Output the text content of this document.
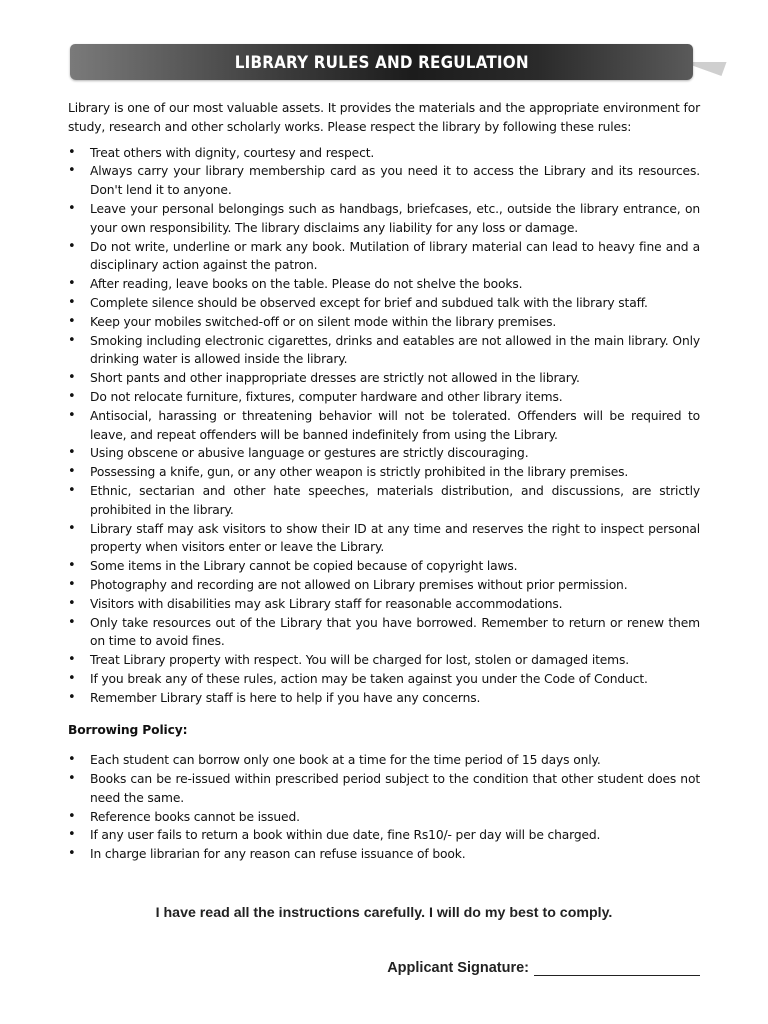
LIBRARY RULES AND REGULATION

Library is one of our most valuable assets. It provides the materials and the appropriate environment for study, research and other scholarly works. Please respect the library by following these rules:

• Treat others with dignity, courtesy and respect.
• Always carry your library membership card as you need it to access the Library and its resources. Don't lend it to anyone.
• Leave your personal belongings such as handbags, briefcases, etc., outside the library entrance, on your own responsibility. The library disclaims any liability for any loss or damage.
• Do not write, underline or mark any book. Mutilation of library material can lead to heavy fine and a disciplinary action against the patron.
• After reading, leave books on the table. Please do not shelve the books.
• Complete silence should be observed except for brief and subdued talk with the library staff.
• Keep your mobiles switched-off or on silent mode within the library premises.
• Smoking including electronic cigarettes, drinks and eatables are not allowed in the main library. Only drinking water is allowed inside the library.
• Short pants and other inappropriate dresses are strictly not allowed in the library.
• Do not relocate furniture, fixtures, computer hardware and other library items.
• Antisocial, harassing or threatening behavior will not be tolerated. Offenders will be required to leave, and repeat offenders will be banned indefinitely from using the Library.
• Using obscene or abusive language or gestures are strictly discouraging.
• Possessing a knife, gun, or any other weapon is strictly prohibited in the library premises.
• Ethnic, sectarian and other hate speeches, materials distribution, and discussions, are strictly prohibited in the library.
• Library staff may ask visitors to show their ID at any time and reserves the right to inspect personal property when visitors enter or leave the Library.
• Some items in the Library cannot be copied because of copyright laws.
• Photography and recording are not allowed on Library premises without prior permission.
• Visitors with disabilities may ask Library staff for reasonable accommodations.
• Only take resources out of the Library that you have borrowed. Remember to return or renew them on time to avoid fines.
• Treat Library property with respect. You will be charged for lost, stolen or damaged items.
• If you break any of these rules, action may be taken against you under the Code of Conduct.
• Remember Library staff is here to help if you have any concerns.
Borrowing Policy:
• Each student can borrow only one book at a time for the time period of 15 days only.
• Books can be re-issued within prescribed period subject to the condition that other student does not need the same.
• Reference books cannot be issued.
• If any user fails to return a book within due date, fine Rs10/- per day will be charged.
• In charge librarian for any reason can refuse issuance of book.
I have read all the instructions carefully. I will do my best to comply.
Applicant Signature:
